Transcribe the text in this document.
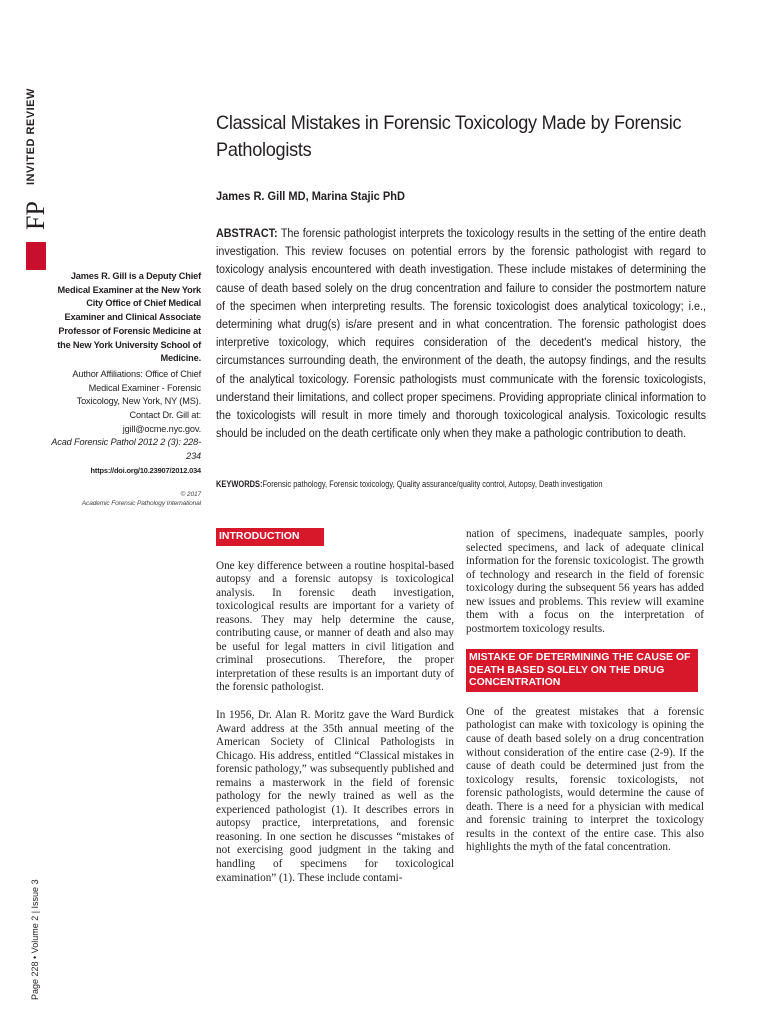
INVITED REVIEW
FP

James R. Gill is a Deputy Chief Medical Examiner at the New York City Office of Chief Medical Examiner and Clinical Associate Professor of Forensic Medicine at the New York University School of Medicine.

Author Affiliations: Office of Chief Medical Examiner - Forensic Toxicology, New York, NY (MS).

Contact Dr. Gill at:

jgill@ocme.nyc.gov.

Acad Forensic Pathol 2012 2 (3): 228-234

https://doi.org/10.23907/2012.034

© 2017
Academic Forensic Pathology International

Page 228 • Volume 2 | Issue 3
Classical Mistakes in Forensic Toxicology Made by Forensic Pathologists
James R. Gill MD, Marina Stajic PhD

ABSTRACT: The forensic pathologist interprets the toxicology results in the setting of the entire death investigation. This review focuses on potential errors by the forensic pathologist with regard to toxicology analysis encountered with death investigation. These include mistakes of determining the cause of death based solely on the drug concentration and failure to consider the postmortem nature of the specimen when interpreting results. The forensic toxicologist does analytical toxicology; i.e., determining what drug(s) is/are present and in what concentration. The forensic pathologist does interpretive toxicology, which requires consideration of the decedent's medical history, the circumstances surrounding death, the environment of the death, the autopsy findings, and the results of the analytical toxicology. Forensic pathologists must communicate with the forensic toxicologists, understand their limitations, and collect proper specimens. Providing appropriate clinical information to the toxicologists will result in more timely and thorough toxicological analysis. Toxicologic results should be included on the death certificate only when they make a pathologic contribution to death.

KEYWORDS:Forensic pathology, Forensic toxicology, Quality assurance/quality control, Autopsy, Death investigation
INTRODUCTION

One key difference between a routine hospital-based autopsy and a forensic autopsy is toxicological analysis. In forensic death investigation, toxicological results are important for a variety of reasons. They may help determine the cause, contributing cause, or manner of death and also may be useful for legal matters in civil litigation and criminal prosecutions. Therefore, the proper interpretation of these results is an important duty of the forensic pathologist.

In 1956, Dr. Alan R. Moritz gave the Ward Burdick Award address at the 35th annual meeting of the American Society of Clinical Pathologists in Chicago. His address, entitled “Classical mistakes in forensic pathology,” was subsequently published and remains a masterwork in the field of forensic pathology for the newly trained as well as the experienced pathologist (1). It describes errors in autopsy practice, interpretations, and forensic reasoning. In one section he discusses “mistakes of not exercising good judgment in the taking and handling of specimens for toxicological examination” (1). These include contami-

nation of specimens, inadequate samples, poorly selected specimens, and lack of adequate clinical information for the forensic toxicologist. The growth of technology and research in the field of forensic toxicology during the subsequent 56 years has added new issues and problems. This review will examine them with a focus on the interpretation of postmortem toxicology results.

MISTAKE OF DETERMINING THE CAUSE OF DEATH BASED SOLELY ON THE DRUG CONCENTRATION

One of the greatest mistakes that a forensic pathologist can make with toxicology is opining the cause of death based solely on a drug concentration without consideration of the entire case (2-9). If the cause of death could be determined just from the toxicology results, forensic toxicologists, not forensic pathologists, would determine the cause of death. There is a need for a physician with medical and forensic training to interpret the toxicology results in the context of the entire case. This also highlights the myth of the fatal concentration.
